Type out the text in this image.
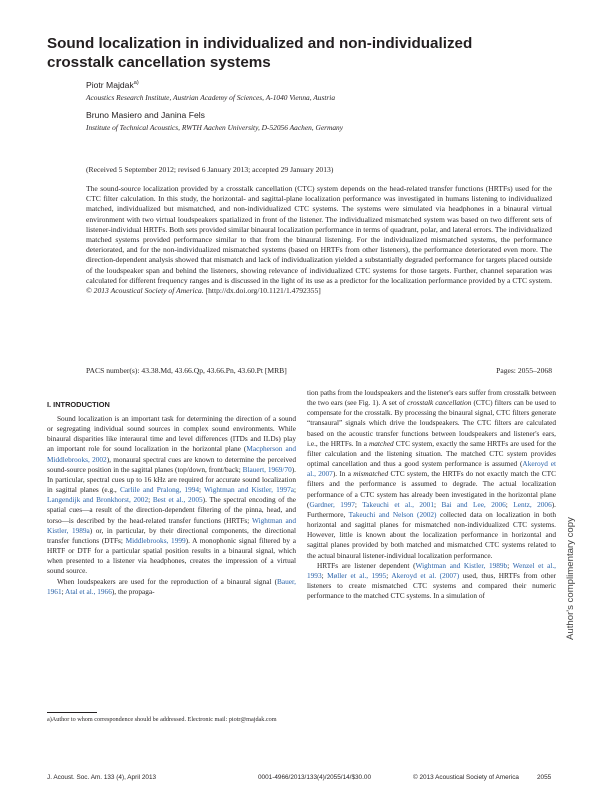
Sound localization in individualized and non-individualized
crosstalk cancellation systems
Piotr Majdak$^{a)}$
Acoustics Research Institute, Austrian Academy of Sciences, A-1040 Vienna, Austria
Bruno Masiero and Janina Fels
Institute of Technical Acoustics, RWTH Aachen University, D-52056 Aachen, Germany
(Received 5 September 2012; revised 6 January 2013; accepted 29 January 2013)
The sound-source localization provided by a crosstalk cancellation (CTC) system depends on the head-related transfer functions (HRTFs) used for the CTC filter calculation. In this study, the horizontal- and sagittal-plane localization performance was investigated in humans listening to individualized matched, individualized but mismatched, and non-individualized CTC systems. The systems were simulated via headphones in a binaural virtual environment with two virtual loudspeakers spatialized in front of the listener. The individualized mismatched system was based on two different sets of listener-individual HRTFs. Both sets provided similar binaural localization performance in terms of quadrant, polar, and lateral errors. The individualized matched systems provided performance similar to that from the binaural listening. For the individualized mismatched systems, the performance deteriorated, and for the non-individualized mismatched systems (based on HRTFs from other listeners), the performance deteriorated even more. The direction-dependent analysis showed that mismatch and lack of individualization yielded a substantially degraded performance for targets placed outside of the loudspeaker span and behind the listeners, showing relevance of individualized CTC systems for those targets. Further, channel separation was calculated for different frequency ranges and is discussed in the light of its use as a predictor for the localization performance provided by a CTC system. © 2013 Acoustical Society of America. [http://dx.doi.org/10.1121/1.4792355]
PACS number(s): 43.38.Md, 43.66.Qp, 43.66.Pn, 43.60.Pt [MRB]	Pages: 2055–2068
I. INTRODUCTION

Sound localization is an important task for determining the direction of a sound or segregating individual sound sources in complex sound environments. While binaural disparities like interaural time and level differences (ITDs and ILDs) play an important role for sound localization in the horizontal plane (Macpherson and Middlebrooks, 2002), monaural spectral cues are known to determine the perceived sound-source position in the sagittal planes (top/down, front/back; Blauert, 1969/70). In particular, spectral cues up to 16 kHz are required for accurate sound localization in sagittal planes (e.g., Carlile and Pralong, 1994; Wightman and Kistler, 1997a; Langendijk and Bronkhorst, 2002; Best et al., 2005). The spectral encoding of the spatial cues—a result of the direction-dependent filtering of the pinna, head, and torso—is described by the head-related transfer functions (HRTFs; Wightman and Kistler, 1989a) or, in particular, by their directional components, the directional transfer functions (DTFs; Middlebrooks, 1999). A monophonic signal filtered by a HRTF or DTF for a particular spatial position results in a binaural signal, which when presented to a listener via headphones, creates the impression of a virtual sound source.

When loudspeakers are used for the reproduction of a binaural signal (Bauer, 1961; Atal et al., 1966), the propaga-

a)Author to whom correspondence should be addressed. Electronic mail: piotr@majdak.com

tion paths from the loudspeakers and the listener's ears suffer from crosstalk between the two ears (see Fig. 1). A set of crosstalk cancellation (CTC) filters can be used to compensate for the crosstalk. By processing the binaural signal, CTC filters generate “transaural” signals which drive the loudspeakers. The CTC filters are calculated based on the acoustic transfer functions between loudspeakers and listener's ears, i.e., the HRTFs. In a matched CTC system, exactly the same HRTFs are used for the filter calculation and the listening situation. The matched CTC system provides optimal cancellation and thus a good system performance is assumed (Akeroyd et al., 2007). In a mismatched CTC system, the HRTFs do not exactly match the CTC filters and the performance is assumed to degrade. The actual localization performance of a CTC system has already been investigated in the horizontal plane (Gardner, 1997; Takeuchi et al., 2001; Bai and Lee, 2006; Lentz, 2006). Furthermore, Takeuchi and Nelson (2002) collected data on localization in both horizontal and sagittal planes for mismatched non-individualized CTC systems. However, little is known about the localization performance in horizontal and sagittal planes provided by both matched and mismatched CTC systems related to the actual binaural listener-individual localization performance.

HRTFs are listener dependent (Wightman and Kistler, 1989b; Wenzel et al., 1993; Møller et al., 1995; Akeroyd et al. (2007) used, thus, HRTFs from other listeners to create mismatched CTC systems and compared their numeric performance to the matched CTC systems. In a simulation of

J. Acoust. Soc. Am. 133 (4), April 2013	0001-4966/2013/133(4)/2055/14/$30.00	© 2013 Acoustical Society of America	2055
Author's complimentary copy
